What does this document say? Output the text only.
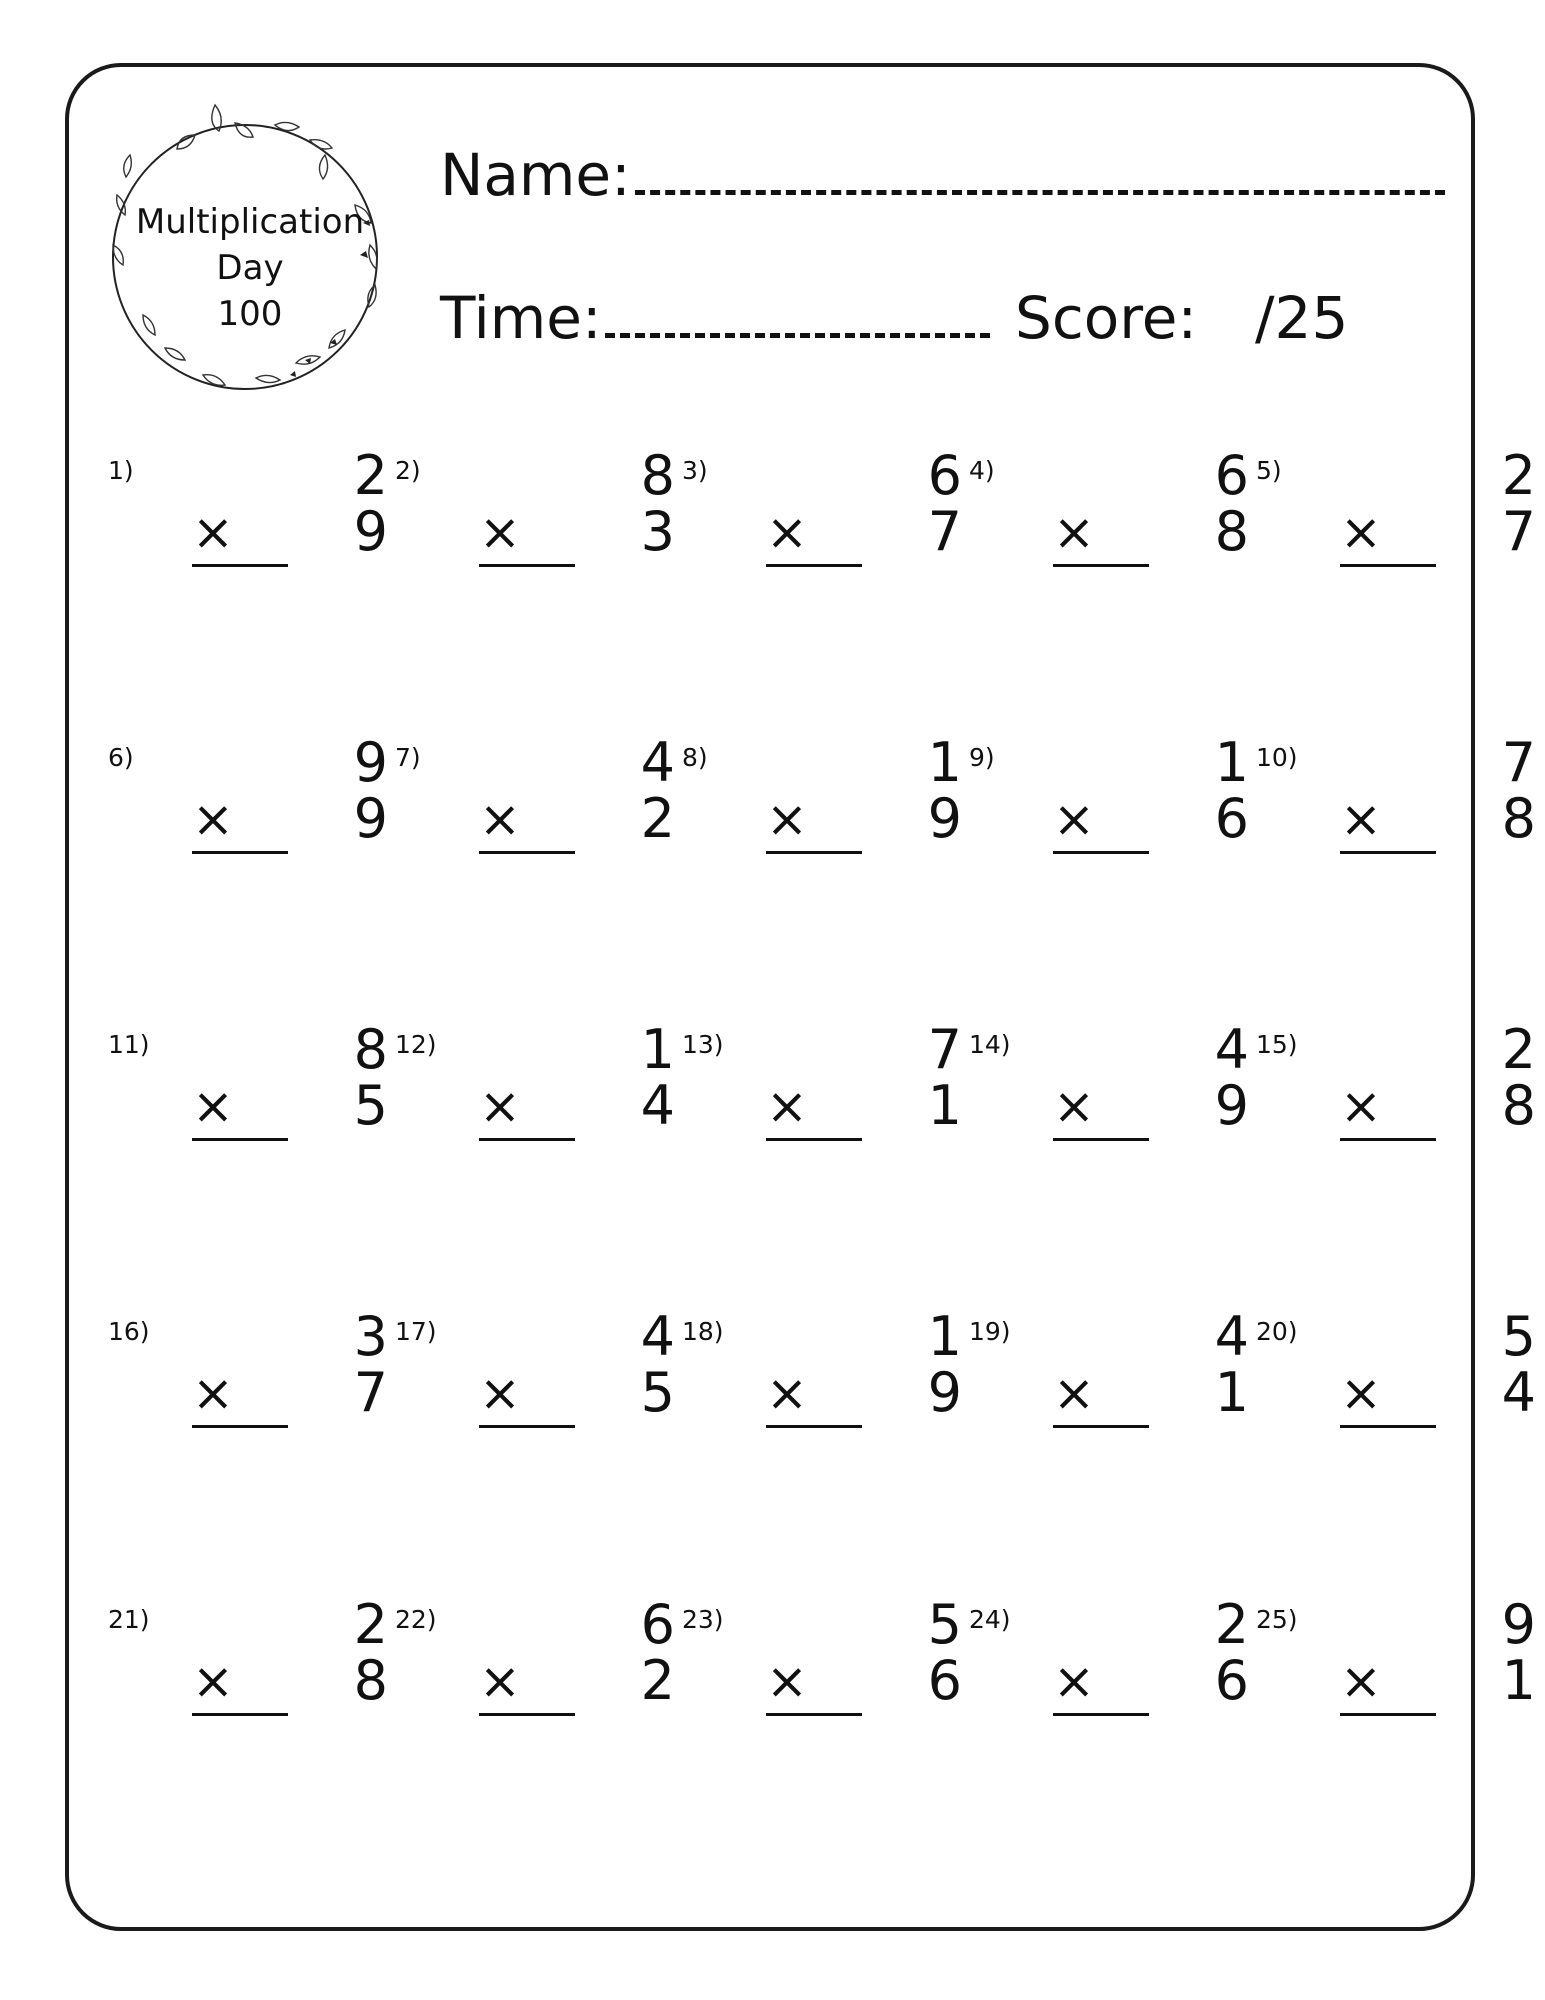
Multiplication
Day
100
Name:
Time:	Score: /25
1)	2
× 9
2)	8
× 3
3)	6
× 7
4)	6
× 8
5)	2
× 7
6)	9
× 9
7)	4
× 2
8)	1
× 9
9)	1
× 6
10)	7
× 8
11)	8
× 5
12)	1
× 4
13)	7
× 1
14)	4
× 9
15)	2
× 8
16)	3
× 7
17)	4
× 5
18)	1
× 9
19)	4
× 1
20)	5
× 4
21)	2
× 8
22)	6
× 2
23)	5
× 6
24)	2
× 6
25)	9
× 1
